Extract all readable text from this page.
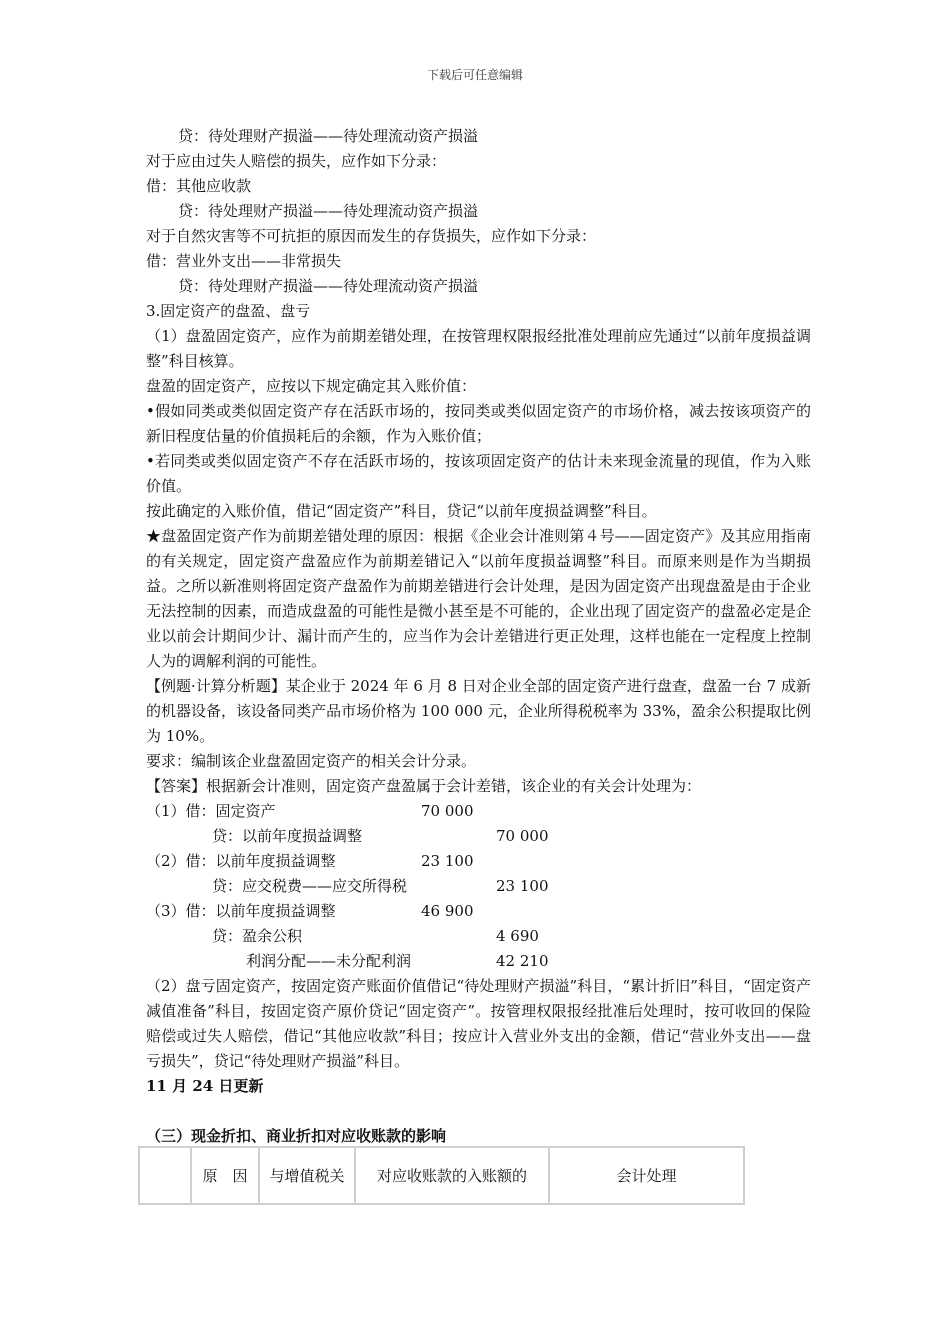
下载后可任意编辑
贷：待处理财产损溢——待处理流动资产损溢
对于应由过失人赔偿的损失，应作如下分录：
借：其他应收款
贷：待处理财产损溢——待处理流动资产损溢
对于自然灾害等不可抗拒的原因而发生的存货损失，应作如下分录：
借：营业外支出——非常损失
贷：待处理财产损溢——待处理流动资产损溢
3.固定资产的盘盈、盘亏
（1）盘盈固定资产，应作为前期差错处理，在按管理权限报经批准处理前应先通过“以前年度损益调整”科目核算。
盘盈的固定资产，应按以下规定确定其入账价值：
•假如同类或类似固定资产存在活跃市场的，按同类或类似固定资产的市场价格，减去按该项资产的新旧程度估量的价值损耗后的余额，作为入账价值；
•若同类或类似固定资产不存在活跃市场的，按该项固定资产的估计未来现金流量的现值，作为入账价值。
按此确定的入账价值，借记“固定资产”科目，贷记“以前年度损益调整”科目。
★盘盈固定资产作为前期差错处理的原因：根据《企业会计准则第４号——固定资产》及其应用指南的有关规定，固定资产盘盈应作为前期差错记入“以前年度损益调整”科目。而原来则是作为当期损益。之所以新准则将固定资产盘盈作为前期差错进行会计处理，是因为固定资产出现盘盈是由于企业无法控制的因素，而造成盘盈的可能性是微小甚至是不可能的，企业出现了固定资产的盘盈必定是企业以前会计期间少计、漏计而产生的，应当作为会计差错进行更正处理，这样也能在一定程度上控制人为的调解利润的可能性。
【例题·计算分析题】某企业于 2024 年 6 月 8 日对企业全部的固定资产进行盘查，盘盈一台 7 成新的机器设备，该设备同类产品市场价格为 100 000 元，企业所得税税率为 33%，盈余公积提取比例为 10%。
要求：编制该企业盘盈固定资产的相关会计分录。
【答案】根据新会计准则，固定资产盘盈属于会计差错，该企业的有关会计处理为：
（1）借：固定资产	70 000
贷：以前年度损益调整	70 000
（2）借：以前年度损益调整	23 100
贷：应交税费——应交所得税	23 100
（3）借：以前年度损益调整	46 900
贷：盈余公积	4 690
利润分配——未分配利润	42 210
（2）盘亏固定资产，按固定资产账面价值借记“待处理财产损溢”科目，“累计折旧”科目，“固定资产减值准备”科目，按固定资产原价贷记“固定资产”。按管理权限报经批准后处理时，按可收回的保险赔偿或过失人赔偿，借记“其他应收款”科目；按应计入营业外支出的金额，借记“营业外支出——盘亏损失”，贷记“待处理财产损溢”科目。
11 月 24 日更新
（三）现金折扣、商业折扣对应收账款的影响
	原　因	与增值税关	对应收账款的入账额的	会计处理
